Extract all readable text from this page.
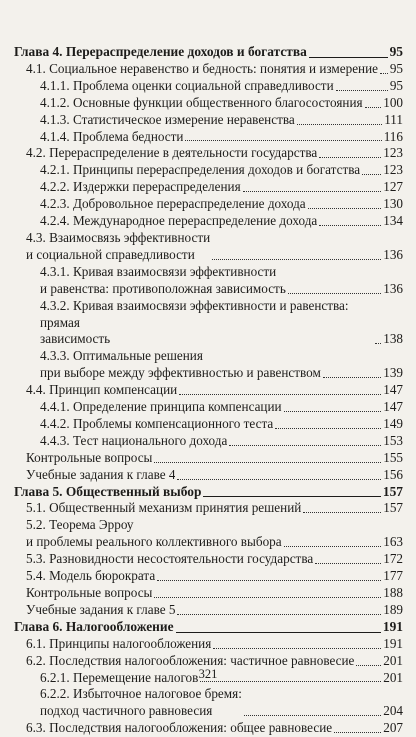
Глава 4. Перераспределение доходов и богатства	95
4.1. Социальное неравенство и бедность: понятия и измерение 95
4.1.1. Проблема оценки социальной справедливости	95
4.1.2. Основные функции общественного благосостояния 100
4.1.3. Статистическое измерение неравенства	111
4.1.4. Проблема бедности	116
4.2. Перераспределение в деятельности государства	123
4.2.1. Принципы перераспределения доходов и богатства 123
4.2.2. Издержки перераспределения	127
4.2.3. Добровольное перераспределение дохода	130
4.2.4. Международное перераспределение дохода	134
4.3. Взаимосвязь эффективности
и социальной справедливости	136
4.3.1. Кривая взаимосвязи эффективности
и равенства: противоположная зависимость	136
4.3.2. Кривая взаимосвязи эффективности и равенства: прямая
зависимость	138
4.3.3. Оптимальные решения
при выборе между эффективностью и равенством	139
4.4. Принцип компенсации	147
4.4.1. Определение принципа компенсации	147
4.4.2. Проблемы компенсационного теста	149
4.4.3. Тест национального дохода	153
Контрольные вопросы	155
Учебные задания к главе 4	156
Глава 5. Общественный выбор	157
5.1. Общественный механизм принятия решений	157
5.2. Теорема Эрроу
и проблемы реального коллективного выбора	163
5.3. Разновидности несостоятельности государства	172
5.4. Модель бюрократа	177
Контрольные вопросы	188
Учебные задания к главе 5	189
Глава 6. Налогообложение	191
6.1. Принципы налогообложения	191
6.2. Последствия налогообложения: частичное равновесие 201
6.2.1. Перемещение налогов	201
6.2.2. Избыточное налоговое бремя:
подход частичного равновесия	204
6.3. Последствия налогообложения: общее равновесие	207
321
